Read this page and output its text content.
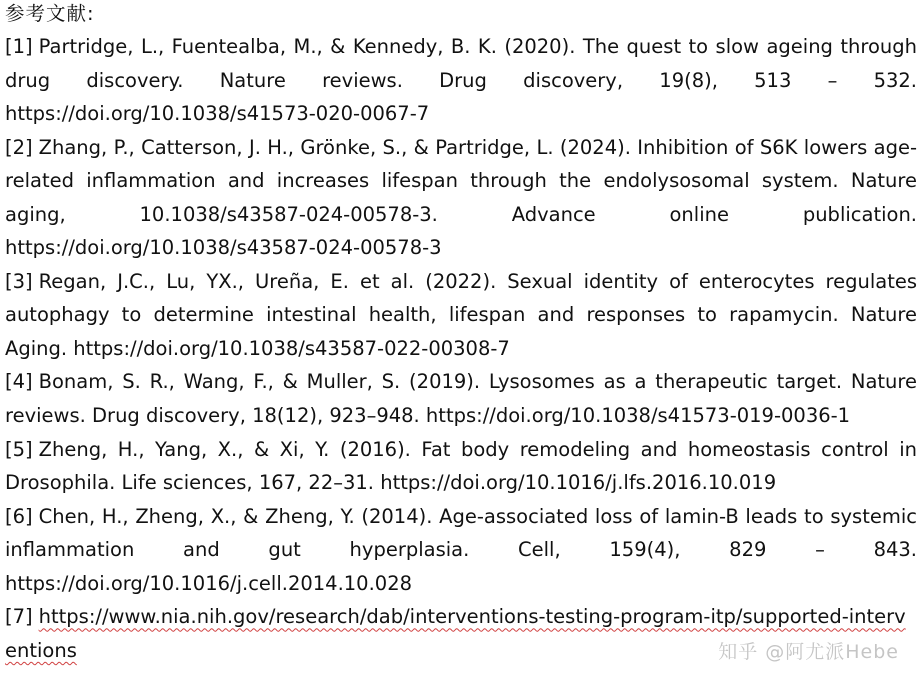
参考文献:

[1] Partridge, L., Fuentealba, M., & Kennedy, B. K. (2020). The quest to slow ageing through drug discovery. Nature reviews. Drug discovery, 19(8), 513 – 532. https://doi.org/10.1038/s41573-020-0067-7

[2] Zhang, P., Catterson, J. H., Grönke, S., & Partridge, L. (2024). Inhibition of S6K lowers age-related inflammation and increases lifespan through the endolysosomal system. Nature aging, 10.1038/s43587-024-00578-3. Advance online publication. https://doi.org/10.1038/s43587-024-00578-3

[3] Regan, J.C., Lu, YX., Ureña, E. et al. (2022). Sexual identity of enterocytes regulates autophagy to determine intestinal health, lifespan and responses to rapamycin. Nature Aging. https://doi.org/10.1038/s43587-022-00308-7

[4] Bonam, S. R., Wang, F., & Muller, S. (2019). Lysosomes as a therapeutic target. Nature reviews. Drug discovery, 18(12), 923–948. https://doi.org/10.1038/s41573-019-0036-1

[5] Zheng, H., Yang, X., & Xi, Y. (2016). Fat body remodeling and homeostasis control in Drosophila. Life sciences, 167, 22–31. https://doi.org/10.1016/j.lfs.2016.10.019

[6] Chen, H., Zheng, X., & Zheng, Y. (2014). Age-associated loss of lamin-B leads to systemic inflammation and gut hyperplasia. Cell, 159(4), 829 – 843. https://doi.org/10.1016/j.cell.2014.10.028

[7] https://www.nia.nih.gov/research/dab/interventions-testing-program-itp/supported-interventions	知乎 @阿尤派Hebe
